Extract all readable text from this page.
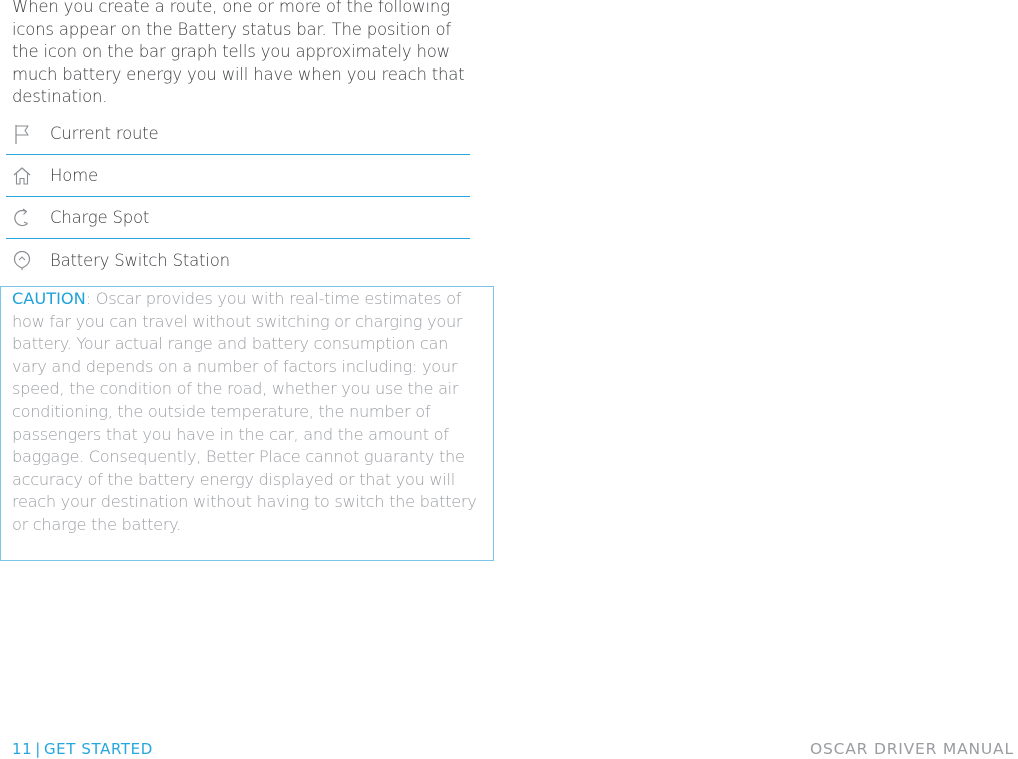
When you create a route, one or more of the following icons appear on the Battery status bar. The position of the icon on the bar graph tells you approximately how much battery energy you will have when you reach that destination.

Current route
Home
Charge Spot
Battery Switch Station
CAUTION: Oscar provides you with real-time estimates of how far you can travel without switching or charging your battery. Your actual range and battery consumption can vary and depends on a number of factors including: your speed, the condition of the road, whether you use the air conditioning, the outside temperature, the number of passengers that you have in the car, and the amount of baggage. Consequently, Better Place cannot guaranty the accuracy of the battery energy displayed or that you will reach your destination without having to switch the battery or charge the battery.
11 | GET STARTED	OSCAR DRIVER MANUAL
